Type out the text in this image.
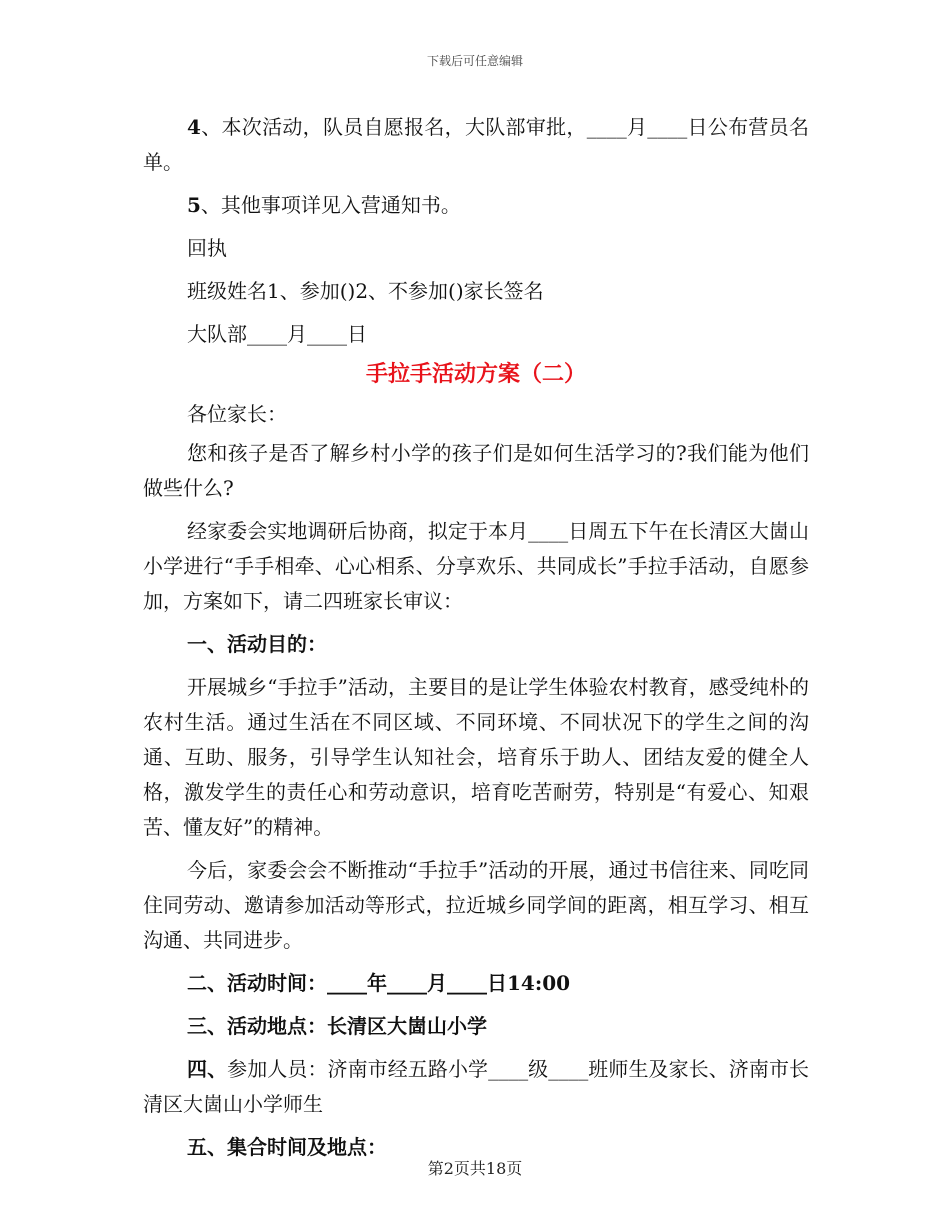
下载后可任意编辑

4、本次活动，队员自愿报名，大队部审批，____月____日公布营员名单。

5、其他事项详见入营通知书。

回执

班级姓名1、参加()2、不参加()家长签名

大队部____月____日

手拉手活动方案（二）

各位家长：

您和孩子是否了解乡村小学的孩子们是如何生活学习的?我们能为他们做些什么?

经家委会实地调研后协商，拟定于本月____日周五下午在长清区大崮山小学进行“手手相牵、心心相系、分享欢乐、共同成长”手拉手活动，自愿参加，方案如下，请二四班家长审议：

一、活动目的：

开展城乡“手拉手”活动，主要目的是让学生体验农村教育，感受纯朴的农村生活。通过生活在不同区域、不同环境、不同状况下的学生之间的沟通、互助、服务，引导学生认知社会，培育乐于助人、团结友爱的健全人格，激发学生的责任心和劳动意识，培育吃苦耐劳，特别是“有爱心、知艰苦、懂友好”的精神。

今后，家委会会不断推动“手拉手”活动的开展，通过书信往来、同吃同住同劳动、邀请参加活动等形式，拉近城乡同学间的距离，相互学习、相互沟通、共同进步。

二、活动时间：____年____月____日14:00

三、活动地点：长清区大崮山小学

四、参加人员：济南市经五路小学____级____班师生及家长、济南市长清区大崮山小学师生

五、集合时间及地点：

第2页共18页
